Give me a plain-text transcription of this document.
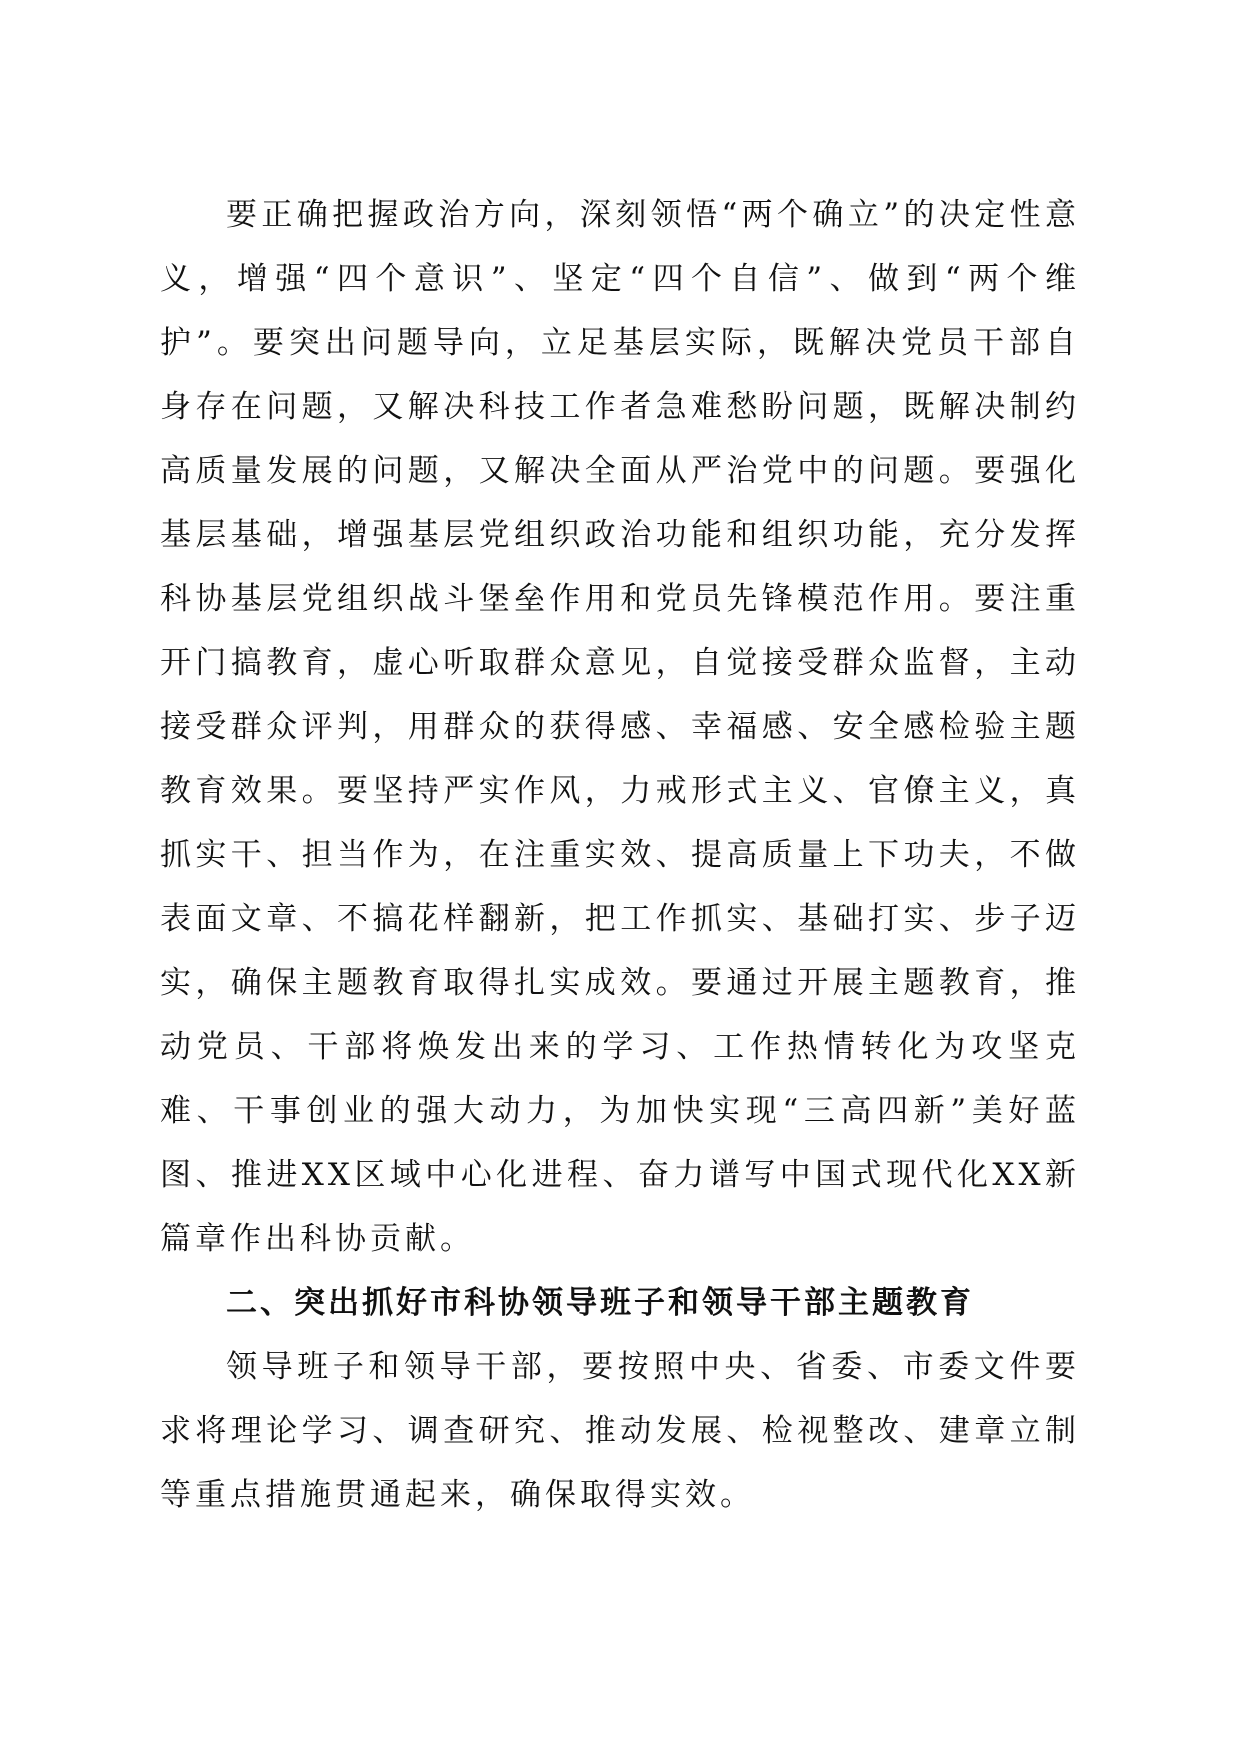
要正确把握政治方向，深刻领悟“两个确立”的决定性意义，增强“四个意识”、坚定“四个自信”、做到“两个维护”。要突出问题导向，立足基层实际，既解决党员干部自身存在问题，又解决科技工作者急难愁盼问题，既解决制约高质量发展的问题，又解决全面从严治党中的问题。要强化基层基础，增强基层党组织政治功能和组织功能，充分发挥科协基层党组织战斗堡垒作用和党员先锋模范作用。要注重开门搞教育，虚心听取群众意见，自觉接受群众监督，主动接受群众评判，用群众的获得感、幸福感、安全感检验主题教育效果。要坚持严实作风，力戒形式主义、官僚主义，真抓实干、担当作为，在注重实效、提高质量上下功夫，不做表面文章、不搞花样翻新，把工作抓实、基础打实、步子迈实，确保主题教育取得扎实成效。要通过开展主题教育，推动党员、干部将焕发出来的学习、工作热情转化为攻坚克难、干事创业的强大动力，为加快实现“三高四新”美好蓝图、推进XX区域中心化进程、奋力谱写中国式现代化XX新篇章作出科协贡献。

二、突出抓好市科协领导班子和领导干部主题教育

领导班子和领导干部，要按照中央、省委、市委文件要求将理论学习、调查研究、推动发展、检视整改、建章立制等重点措施贯通起来，确保取得实效。
